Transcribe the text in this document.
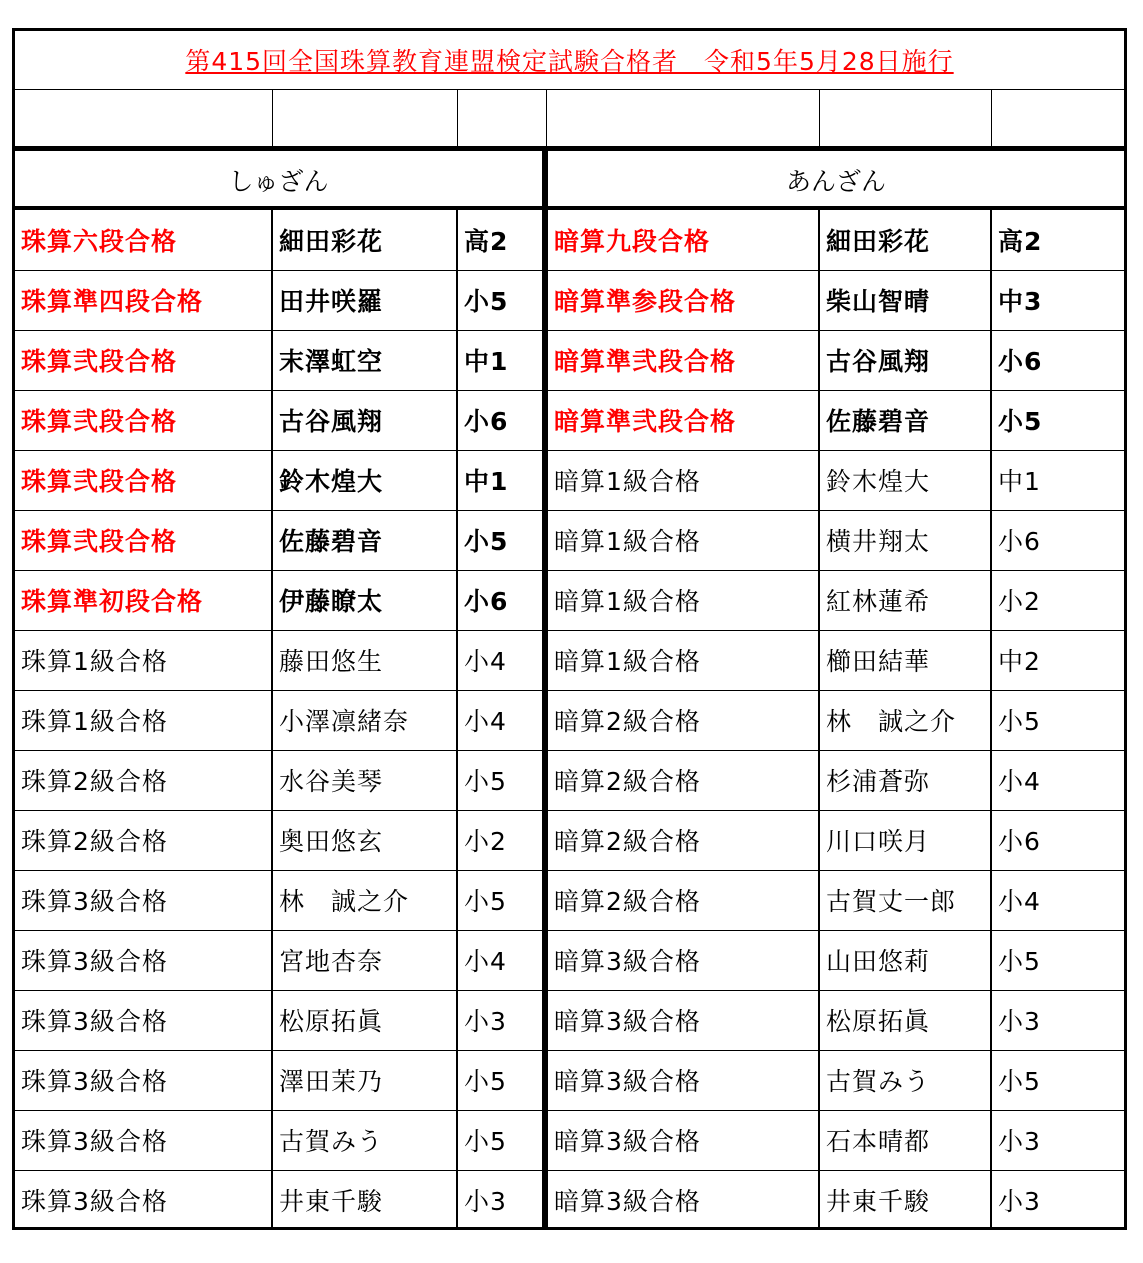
第415回全国珠算教育連盟検定試験合格者　令和5年5月28日施行
しゅざん	あんざん
珠算六段合格	細田彩花	高2 暗算九段合格	細田彩花	高2
珠算準四段合格	田井咲羅	小5 暗算準参段合格	柴山智晴	中3
珠算弐段合格	末澤虹空	中1 暗算準弐段合格	古谷風翔	小6
珠算弐段合格	古谷風翔	小6 暗算準弐段合格	佐藤碧音	小5
珠算弐段合格	鈴木煌大	中1 暗算1級合格	鈴木煌大	中1
珠算弐段合格	佐藤碧音	小5 暗算1級合格	横井翔太	小6
珠算準初段合格	伊藤瞭太	小6 暗算1級合格	紅林蓮希	小2
珠算1級合格	藤田悠生	小4 暗算1級合格	櫛田結華	中2
珠算1級合格	小澤凛緒奈 小4 暗算2級合格	林　誠之介 小5
珠算2級合格	水谷美琴	小5 暗算2級合格	杉浦蒼弥	小4
珠算2級合格	奥田悠玄	小2 暗算2級合格	川口咲月	小6
珠算3級合格	林　誠之介 小5 暗算2級合格	古賀丈一郎 小4
珠算3級合格	宮地杏奈	小4 暗算3級合格	山田悠莉	小5
珠算3級合格	松原拓眞	小3 暗算3級合格	松原拓眞	小3
珠算3級合格	澤田茉乃	小5 暗算3級合格	古賀みう	小5
珠算3級合格	古賀みう	小5 暗算3級合格	石本晴都	小3
珠算3級合格	井東千駿	小3 暗算3級合格	井東千駿	小3
